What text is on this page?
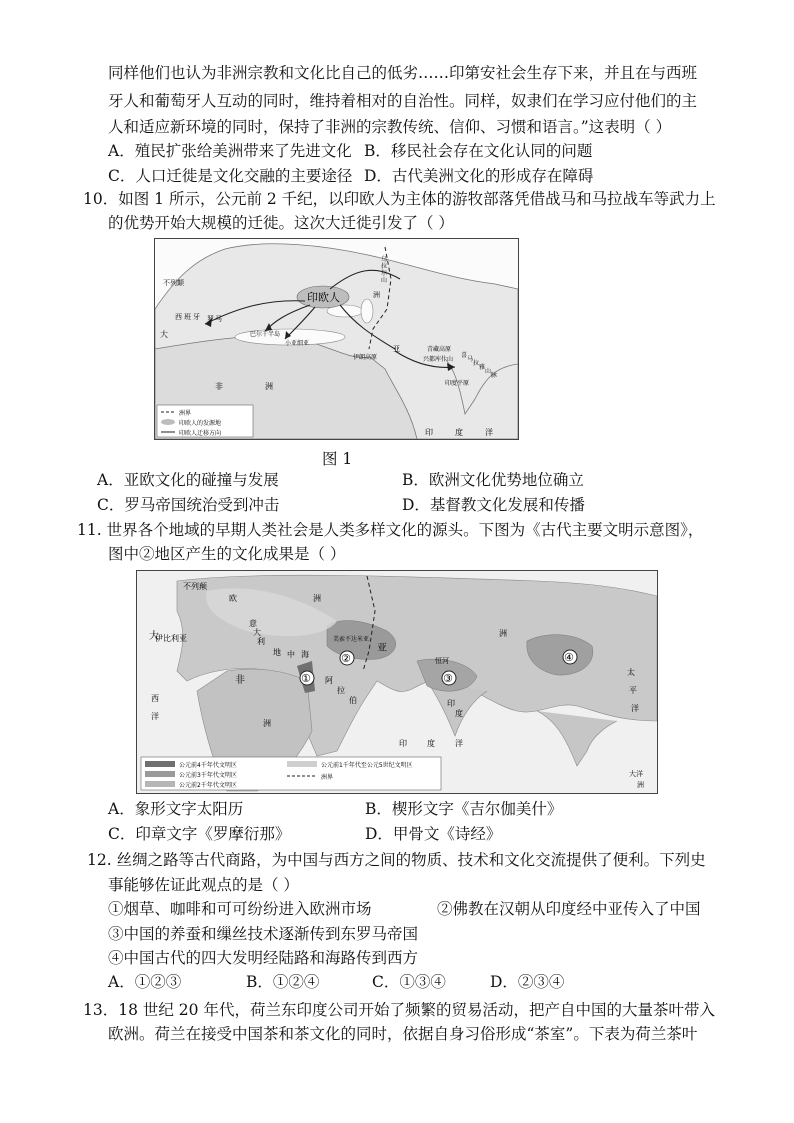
同样他们也认为非洲宗教和文化比自己的低劣……印第安社会生存下来，并且在与西班
牙人和葡萄牙人互动的同时，维持着相对的自治性。同样，奴隶们在学习应付他们的主
人和适应新环境的同时，保持了非洲的宗教传统、信仰、习惯和语言。”这表明（ ）
A．殖民扩张给美洲带来了先进文化 B．移民社会存在文化认同的问题
C．人口迁徙是文化交融的主要途径 D．古代美洲文化的形成存在障碍
10．如图 1 所示，公元前 2 千纪，以印欧人为主体的游牧部落凭借战马和马拉战车等武力上
的优势开始大规模的迁徙。这次大迁徙引发了（ ）
印欧人
不列颠
西 班 牙 罗 马
巴尔干半岛
小亚细亚
伊朗高原
亚
兴 都 库 什 山
青 藏 高 原
喜
马
拉
雅
山
脉
印度平原
大
非	洲
印	度	洋
乌
拉
尔
山
洲
洲界
印欧人的发源地
印欧人迁移方向
图 1
A．亚欧文化的碰撞与发展	B．欧洲文化优势地位确立
C．罗马帝国统治受到冲击	D．基督教文化发展和传播
11. 世界各个地域的早期人类社会是人类多样文化的源头。下图为《古代主要文明示意图》，
图中②地区产生的文化成果是（ ）
①
②
③
④
不列颠
欧	洲
大
伊比利亚
意
大
利
地 中 海
亚
美 索 不 达 米 亚
恒河
印
度
洲
非	阿
拉
伯
洲
西
洋
印	度	洋
太
平
洋
大洋
洲
公元前4千年代文明区
公元前3千年代文明区
公元前2千年代文明区
公元前1千年代至公元5世纪文明区
洲界
A．象形文字太阳历	B．楔形文字《吉尔伽美什》
C．印章文字《罗摩衍那》	D．甲骨文《诗经》
12. 丝绸之路等古代商路，为中国与西方之间的物质、技术和文化交流提供了便利。下列史
事能够佐证此观点的是（ ）
①烟草、咖啡和可可纷纷进入欧洲市场	②佛教在汉朝从印度经中亚传入了中国
③中国的养蚕和缫丝技术逐渐传到东罗马帝国
④中国古代的四大发明经陆路和海路传到西方
A．①②③	B．①②④	C．①③④	D．②③④
13．18 世纪 20 年代，荷兰东印度公司开始了频繁的贸易活动，把产自中国的大量茶叶带入
欧洲。荷兰在接受中国茶和茶文化的同时，依据自身习俗形成“茶室”。下表为荷兰茶叶
